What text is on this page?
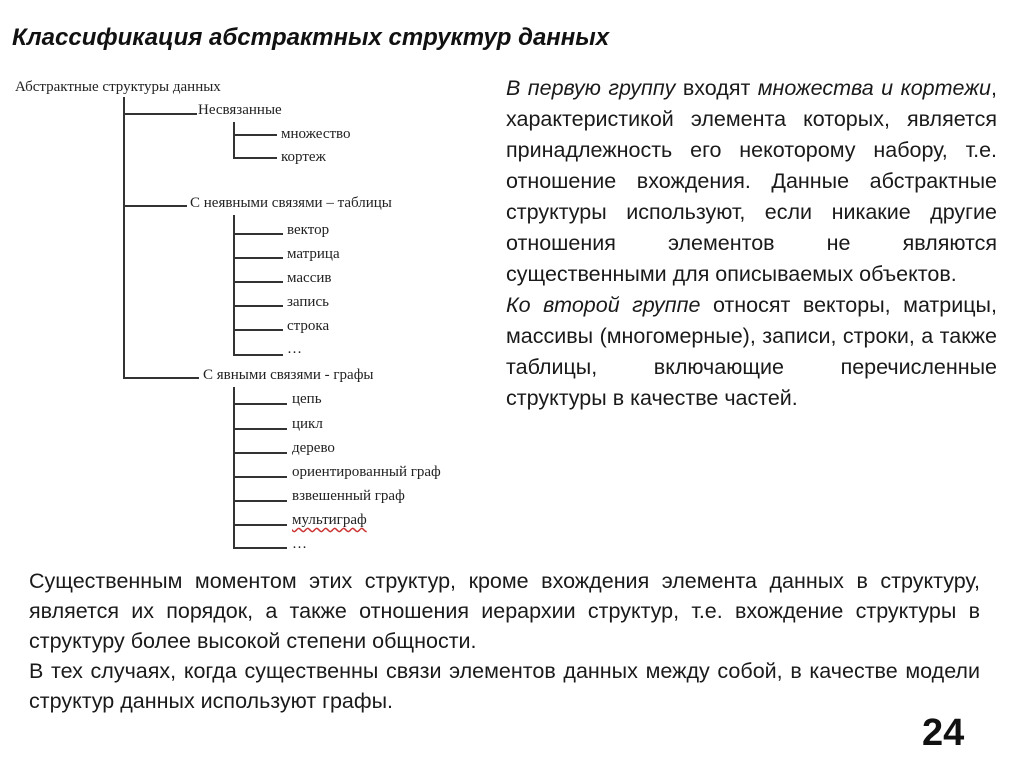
Классификация абстрактных структур данных
Абстрактные структуры данных
Несвязанные
множество
кортеж
С неявными связями – таблицы
вектор
матрица
массив
запись
строка
…
С явными связями - графы
цепь
цикл
дерево
ориентированный граф
взвешенный граф
мультиграф
…

В первую группу входят множества и кортежи, характеристикой элемента которых, является принадлежность его некоторому набору, т.е. отношение вхождения. Данные абстрактные структуры используют, если никакие другие отношения элементов не являются существенными для описываемых объектов.

Ко второй группе относят векторы, матрицы, массивы (многомерные), записи, строки, а также таблицы, включающие перечисленные структуры в качестве частей.

Существенным моментом этих структур, кроме вхождения элемента данных в структуру, является их порядок, а также отношения иерархии структур, т.е. вхождение структуры в структуру более высокой степени общности.

В тех случаях, когда существенны связи элементов данных между собой, в качестве модели структур данных используют графы.

24
